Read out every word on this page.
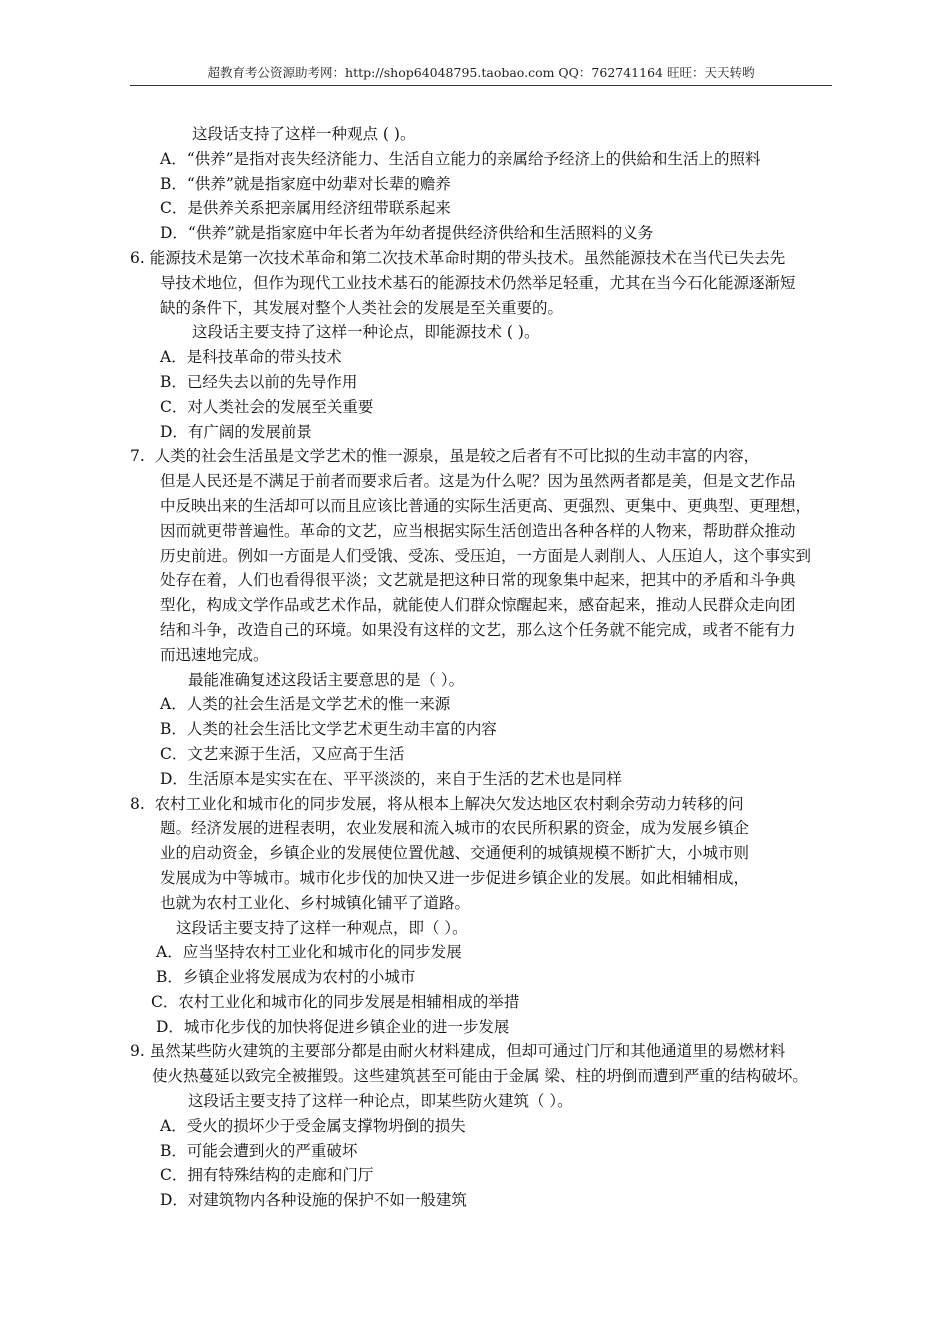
超教育考公资源助考网：http://shop64048795.taobao.com QQ：762741164 旺旺：天天转哟
这段话支持了这样一种观点 ( )。
A．“供养”是指对丧失经济能力、生活自立能力的亲属给予经济上的供給和生活上的照料
B．“供养”就是指家庭中幼辈对长辈的赡养
C．是供养关系把亲属用经济纽带联系起来
D．“供养”就是指家庭中年长者为年幼者提供经济供给和生活照料的义务
6. 能源技术是第一次技术革命和第二次技术革命时期的带头技术。虽然能源技术在当代已失去先
导技术地位，但作为现代工业技术基石的能源技术仍然举足轻重，尤其在当今石化能源逐渐短
缺的条件下，其发展对整个人类社会的发展是至关重要的。
这段话主要支持了这样一种论点，即能源技术 ( )。
A．是科技革命的带头技术
B．已经失去以前的先导作用
C．对人类社会的发展至关重要
D．有广阔的发展前景
7. 人类的社会生活虽是文学艺术的惟一源泉，虽是较之后者有不可比拟的生动丰富的内容，
但是人民还是不满足于前者而要求后者。这是为什么呢？因为虽然两者都是美，但是文艺作品
中反映出来的生活却可以而且应该比普通的实际生活更高、更强烈、更集中、更典型、更理想，
因而就更带普遍性。革命的文艺，应当根据实际生活创造出各种各样的人物来，帮助群众推动
历史前进。例如一方面是人们受饿、受冻、受压迫，一方面是人剥削人、人压迫人，这个事实到
处存在着，人们也看得很平淡；文艺就是把这种日常的现象集中起来，把其中的矛盾和斗争典
型化，构成文学作品或艺术作品，就能使人们群众惊醒起来，感奋起来，推动人民群众走向团
结和斗争，改造自己的环境。如果没有这样的文艺，那么这个任务就不能完成，或者不能有力
而迅速地完成。
最能准确复述这段话主要意思的是（ ）。
A．人类的社会生活是文学艺术的惟一来源
B．人类的社会生活比文学艺术更生动丰富的内容
C．文艺来源于生活，又应高于生活
D．生活原本是实实在在、平平淡淡的，来自于生活的艺术也是同样
8. 农村工业化和城市化的同步发展，将从根本上解决欠发达地区农村剩余劳动力转移的问
题。经济发展的进程表明，农业发展和流入城市的农民所积累的资金，成为发展乡镇企
业的启动资金，乡镇企业的发展使位置优越、交通便利的城镇规模不断扩大，小城市则
发展成为中等城市。城市化步伐的加快又进一步促进乡镇企业的发展。如此相辅相成，
也就为农村工业化、乡村城镇化铺平了道路。
这段话主要支持了这样一种观点，即（ ）。
A．应当坚持农村工业化和城市化的同步发展
B．乡镇企业将发展成为农村的小城市
C．农村工业化和城市化的同步发展是相辅相成的举措
D．城市化步伐的加快将促进乡镇企业的进一步发展
9. 虽然某些防火建筑的主要部分都是由耐火材料建成，但却可通过门厅和其他通道里的易燃材料
使火热蔓延以致完全被摧毁。这些建筑甚至可能由于金属 梁、柱的坍倒而遭到严重的结构破坏。
这段话主要支持了这样一种论点，即某些防火建筑（ ）。
A．受火的损坏少于受金属支撑物坍倒的损失
B．可能会遭到火的严重破坏
C．拥有特殊结构的走廊和门厅
D．对建筑物内各种设施的保护不如一般建筑
